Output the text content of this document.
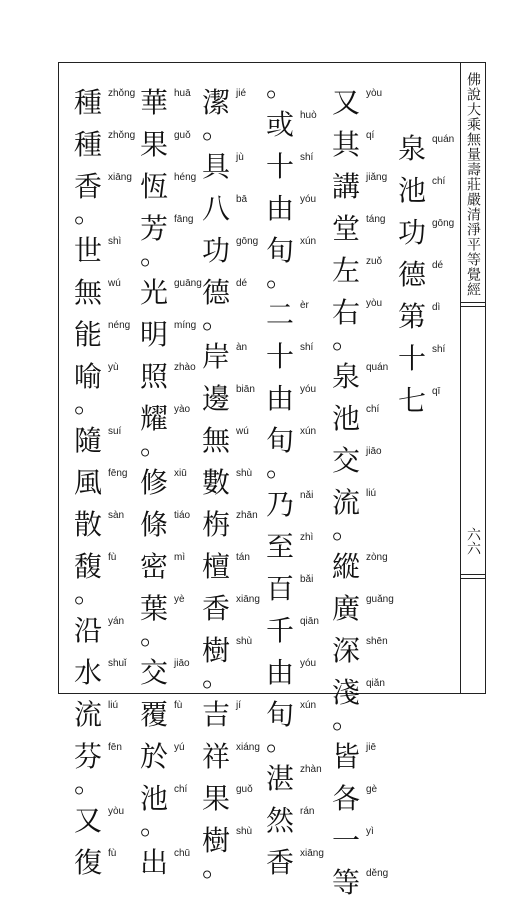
佛說大乘無量壽莊嚴清淨平等覺經
六六
quán
泉
chí
池
gōng
功
dé
德
dì
第
shí
十
qī
七
yòu
又
qí
其
jiǎng
講
táng
堂
zuǒ
左
yòu
右
。
quán
泉
chí
池
jiāo
交
liú
流
。
zòng
縱
guǎng
廣
shēn
深
qiǎn
淺
。
jiē
皆
gè
各
yì
一
děng
等
。
huò
或
shí
十
yóu
由
xún
旬
。
èr
二
shí
十
yóu
由
xún
旬
。
nǎi
乃
zhì
至
bǎi
百
qiān
千
yóu
由
xún
旬
。
zhàn
湛
rán
然
xiāng
香
jié
潔
。
jù
具
bā
八
gōng
功
dé
德
。
àn
岸
biān
邊
wú
無
shù
數
zhān
栴
tán
檀
xiāng
香
shù
樹
。
jí
吉
xiáng
祥
guǒ
果
shù
樹
。
huā
華
guǒ
果
héng
恆
fāng
芳
。
guāng
光
míng
明
zhào
照
yào
耀
。
xiū
修
tiáo
條
mì
密
yè
葉
。
jiāo
交
fù
覆
yú
於
chí
池
。
chū
出
zhǒng
種
zhǒng
種
xiāng
香
。
shì
世
wú
無
néng
能
yù
喻
。
suí
隨
fēng
風
sàn
散
fù
馥
。
yán
沿
shuǐ
水
liú
流
fēn
芬
。
yòu
又
fù
復
